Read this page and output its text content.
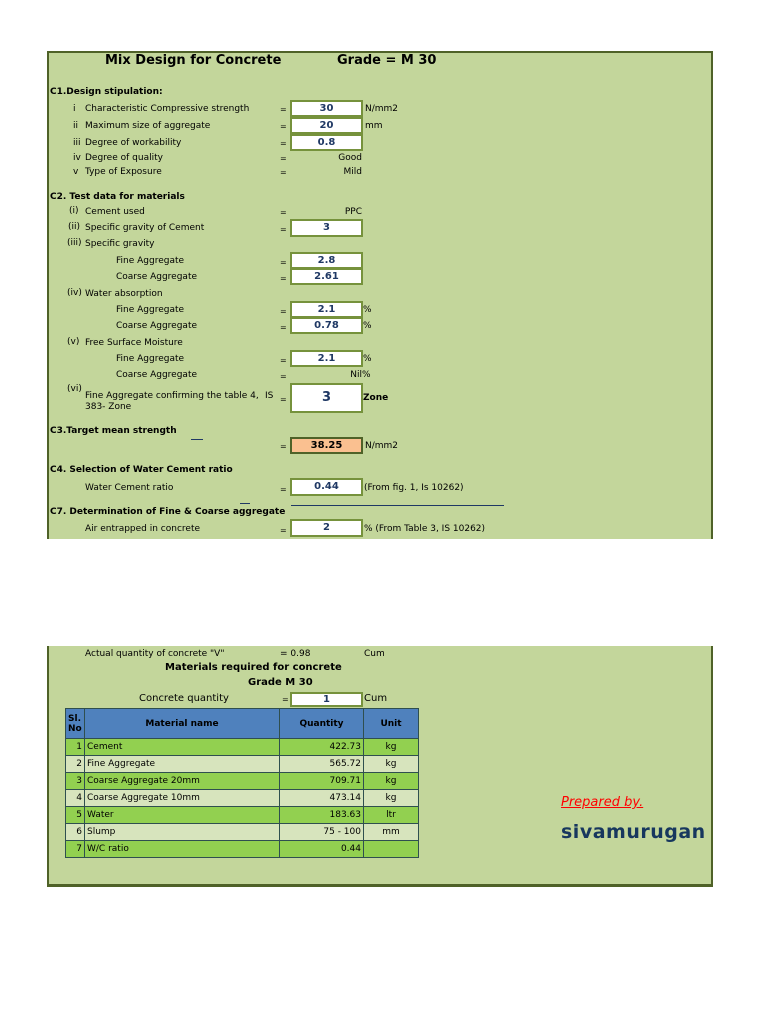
Mix Design for Concrete	Grade = M 30
C1.Design stipulation:
i Characteristic Compressive strength	=	30	N/mm2
ii Maximum size of aggregate	=	20	mm
iii Degree of workability	=	0.8
iv Degree of quality	=	Good
v Type of Exposure	=	Mild
C2. Test data for materials
(i) Cement used	=	PPC
(ii) Specific gravity of Cement	=	3
(iii) Specific gravity
Fine Aggregate	=	2.8
Coarse Aggregate	=	2.61
(iv) Water absorption
Fine Aggregate	=	2.1	%
Coarse Aggregate	=	0.78	%
(v) Free Surface Moisture
Fine Aggregate	=	2.1	%
Coarse Aggregate	=	Nil %
(vi)
Fine Aggregate confirming the table 4, IS
383- Zone
=	3	Zone
C3.Target mean strength
=	38.25	N/mm2
C4. Selection of Water Cement ratio
Water Cement ratio	=	0.44	(From fig. 1, Is 10262)
C7. Determination of Fine & Coarse aggregate
Air entrapped in concrete	=	2	% (From Table 3, IS 10262)
Actual quantity of concrete "V"	= 0.98	Cum
Materials required for concrete
Grade M 30
Concrete quantity	=	1	Cum
Sl. No	Material name	Quantity	Unit
1	Cement	422.73	kg
2	Fine Aggregate	565.72	kg
3	Coarse Aggregate 20mm	709.71	kg
4	Coarse Aggregate 10mm	473.14	kg
5	Water	183.63	ltr
6	Slump	75 - 100	mm
7	W/C ratio	0.44	
Prepared by.
sivamurugan
